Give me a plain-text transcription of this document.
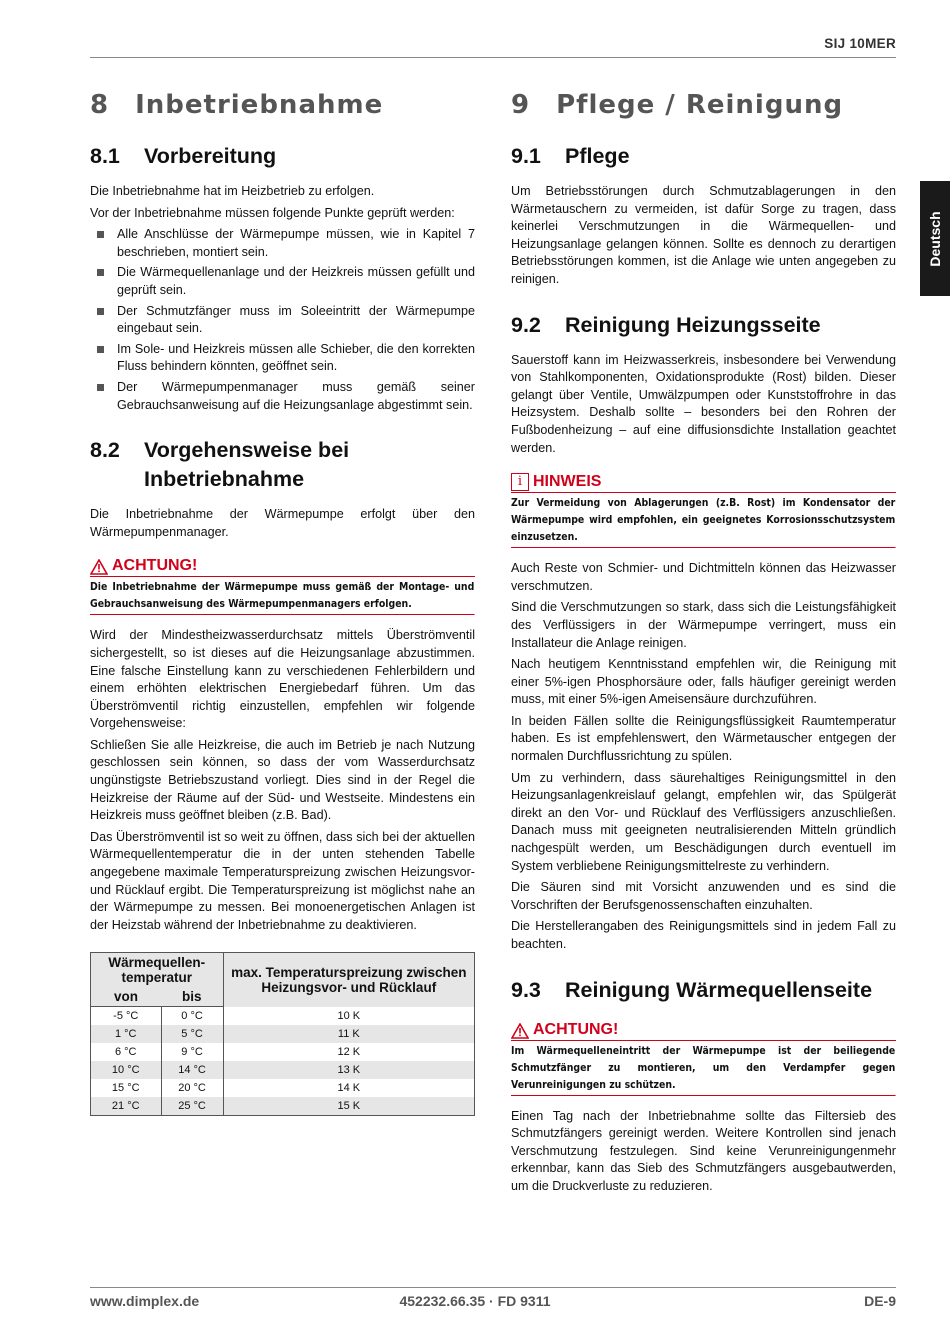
SIJ 10MER
Deutsch
8 Inbetriebnahme
8.1	Vorbereitung

Die Inbetriebnahme hat im Heizbetrieb zu erfolgen.

Vor der Inbetriebnahme müssen folgende Punkte geprüft werden:

Alle Anschlüsse der Wärmepumpe müssen, wie in Kapitel 7 beschrieben, montiert sein.
Die Wärmequellenanlage und der Heizkreis müssen gefüllt und geprüft sein.
Der Schmutzfänger muss im Soleeintritt der Wärmepumpe eingebaut sein.
Im Sole- und Heizkreis müssen alle Schieber, die den korrekten Fluss behindern könnten, geöffnet sein.
Der Wärmepumpenmanager muss gemäß seiner Gebrauchsanweisung auf die Heizungsanlage abgestimmt sein.
8.2	Vorgehensweise bei Inbetriebnahme

Die Inbetriebnahme der Wärmepumpe erfolgt über den Wärmepumpenmanager.

ACHTUNG!
Die Inbetriebnahme der Wärmepumpe muss gemäß der Montage- und Gebrauchsanweisung des Wärmepumpenmanagers erfolgen.

Wird der Mindestheizwasserdurchsatz mittels Überströmventil sichergestellt, so ist dieses auf die Heizungsanlage abzustimmen. Eine falsche Einstellung kann zu verschiedenen Fehlerbildern und einem erhöhten elektrischen Energiebedarf führen. Um das Überströmventil richtig einzustellen, empfehlen wir folgende Vorgehensweise:

Schließen Sie alle Heizkreise, die auch im Betrieb je nach Nutzung geschlossen sein können, so dass der vom Wasserdurchsatz ungünstigste Betriebszustand vorliegt. Dies sind in der Regel die Heizkreise der Räume auf der Süd- und Westseite. Mindestens ein Heizkreis muss geöffnet bleiben (z.B. Bad).

Das Überströmventil ist so weit zu öffnen, dass sich bei der aktuellen Wärmequellentemperatur die in der unten stehenden Tabelle angegebene maximale Temperaturspreizung zwischen Heizungsvor- und Rücklauf ergibt. Die Temperaturspreizung ist möglichst nahe an der Wärmepumpe zu messen. Bei monoenergetischen Anlagen ist der Heizstab während der Inbetriebnahme zu deaktivieren.

Wärmequellen-temperatur		max. Temperaturspreizung zwischen Heizungsvor- und Rücklauf
von	bis	
-5 °C	0 °C	10 K
1 °C	5 °C	11 K
6 °C	9 °C	12 K
10 °C	14 °C	13 K
15 °C	20 °C	14 K
21 °C	25 °C	15 K
9 Pflege / Reinigung
9.1	Pflege

Um Betriebsstörungen durch Schmutzablagerungen in den Wärmetauschern zu vermeiden, ist dafür Sorge zu tragen, dass keinerlei Verschmutzungen in die Wärmequellen- und Heizungsanlage gelangen können. Sollte es dennoch zu derartigen Betriebsstörungen kommen, ist die Anlage wie unten angegeben zu reinigen.

9.2	Reinigung Heizungsseite

Sauerstoff kann im Heizwasserkreis, insbesondere bei Verwendung von Stahlkomponenten, Oxidationsprodukte (Rost) bilden. Dieser gelangt über Ventile, Umwälzpumpen oder Kunststoffrohre in das Heizsystem. Deshalb sollte – besonders bei den Rohren der Fußbodenheizung – auf eine diffusionsdichte Installation geachtet werden.

i HINWEIS
Zur Vermeidung von Ablagerungen (z.B. Rost) im Kondensator der Wärmepumpe wird empfohlen, ein geeignetes Korrosionsschutzsystem einzusetzen.

Auch Reste von Schmier- und Dichtmitteln können das Heizwasser verschmutzen.

Sind die Verschmutzungen so stark, dass sich die Leistungsfähigkeit des Verflüssigers in der Wärmepumpe verringert, muss ein Installateur die Anlage reinigen.

Nach heutigem Kenntnisstand empfehlen wir, die Reinigung mit einer 5%-igen Phosphorsäure oder, falls häufiger gereinigt werden muss, mit einer 5%-igen Ameisensäure durchzuführen.

In beiden Fällen sollte die Reinigungsflüssigkeit Raumtemperatur haben. Es ist empfehlenswert, den Wärmetauscher entgegen der normalen Durchflussrichtung zu spülen.

Um zu verhindern, dass säurehaltiges Reinigungsmittel in den Heizungsanlagenkreislauf gelangt, empfehlen wir, das Spülgerät direkt an den Vor- und Rücklauf des Verflüssigers anzuschließen. Danach muss mit geeigneten neutralisierenden Mitteln gründlich nachgespült werden, um Beschädigungen durch eventuell im System verbliebene Reinigungsmittelreste zu verhindern.

Die Säuren sind mit Vorsicht anzuwenden und es sind die Vorschriften der Berufsgenossenschaften einzuhalten.

Die Herstellerangaben des Reinigungsmittels sind in jedem Fall zu beachten.

9.3	Reinigung Wärmequellenseite
ACHTUNG!
Im Wärmequelleneintritt der Wärmepumpe ist der beiliegende Schmutzfänger zu montieren, um den Verdampfer gegen Verunreinigungen zu schützen.

Einen Tag nach der Inbetriebnahme sollte das Filtersieb des Schmutzfängers gereinigt werden. Weitere Kontrollen sind jenach Verschmutzung festzulegen. Sind keine Verunreinigungenmehr erkennbar, kann das Sieb des Schmutzfängers ausgebautwerden, um die Druckverluste zu reduzieren.

www.dimplex.de	452232.66.35 · FD 9311	DE-9
